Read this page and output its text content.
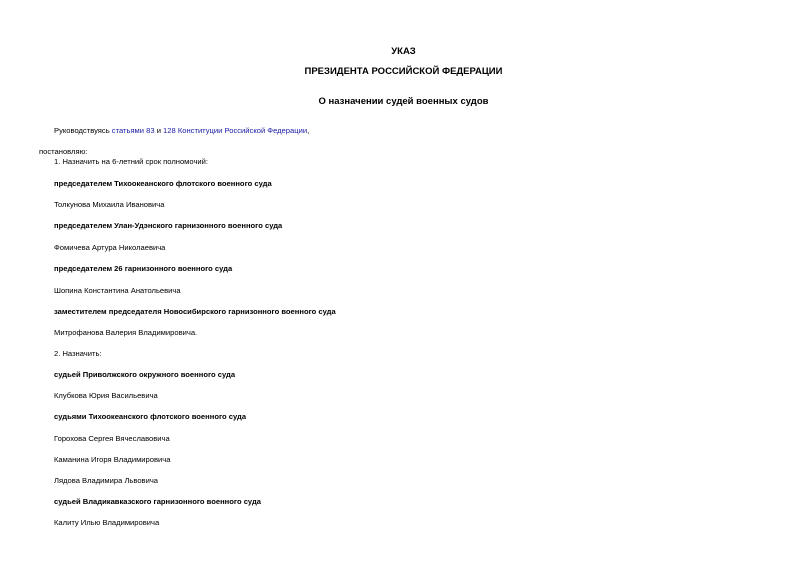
УКАЗ
ПРЕЗИДЕНТА РОССИЙСКОЙ ФЕДЕРАЦИИ
О назначении судей военных судов
Руководствуясь статьями 83 и 128 Конституции Российской Федерации,
постановляю:
1. Назначить на 6-летний срок полномочий:
председателем Тихоокеанского флотского военного суда
Толкунова Михаила Ивановича
председателем Улан-Удэнского гарнизонного военного суда
Фомичева Артура Николаевича
председателем 26 гарнизонного военного суда
Шопина Константина Анатольевича
заместителем председателя Новосибирского гарнизонного военного суда
Митрофанова Валерия Владимировича.
2. Назначить:
судьей Приволжского окружного военного суда
Клубкова Юрия Васильевича
судьями Тихоокеанского флотского военного суда
Горохова Сергея Вячеславовича
Каманина Игоря Владимировича
Лядова Владимира Львовича
судьей Владикавказского гарнизонного военного суда
Калиту Илью Владимировича
